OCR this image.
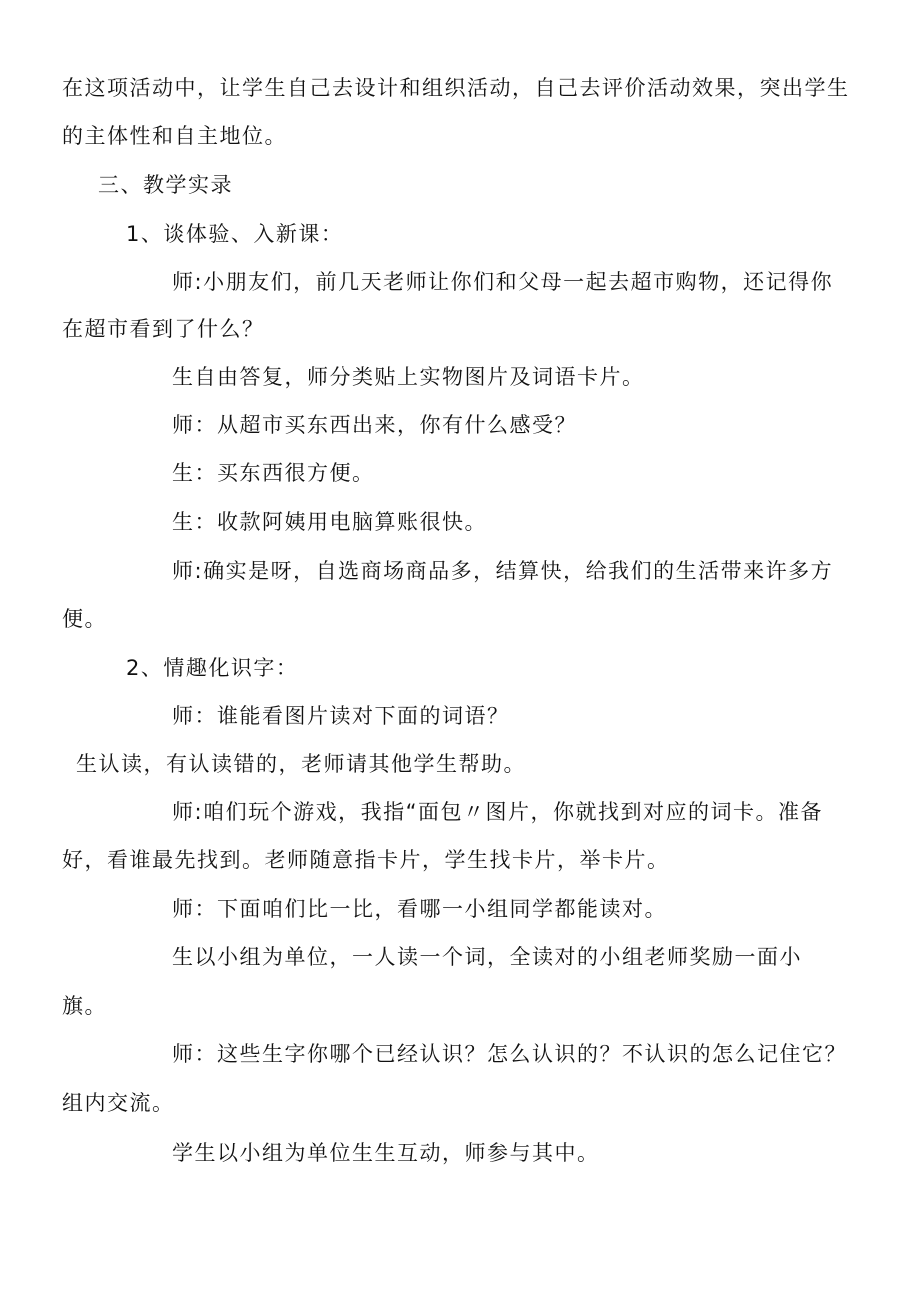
在这项活动中，让学生自己去设计和组织活动，自己去评价活动效果，突出学生

的主体性和自主地位。

三、教学实录

1、谈体验、入新课：

师:小朋友们，前几天老师让你们和父母一起去超市购物，还记得你

在超市看到了什么？

生自由答复，师分类贴上实物图片及词语卡片。

师：从超市买东西出来，你有什么感受？

生：买东西很方便。

生：收款阿姨用电脑算账很快。

师:确实是呀，自选商场商品多，结算快，给我们的生活带来许多方

便。

2、情趣化识字：

师：谁能看图片读对下面的词语？

生认读，有认读错的，老师请其他学生帮助。

师:咱们玩个游戏，我指“面包〃图片，你就找到对应的词卡。准备

好，看谁最先找到。老师随意指卡片，学生找卡片，举卡片。

师：下面咱们比一比，看哪一小组同学都能读对。

生以小组为单位，一人读一个词，全读对的小组老师奖励一面小

旗。

师：这些生字你哪个已经认识？怎么认识的？不认识的怎么记住它？

组内交流。

学生以小组为单位生生互动，师参与其中。
